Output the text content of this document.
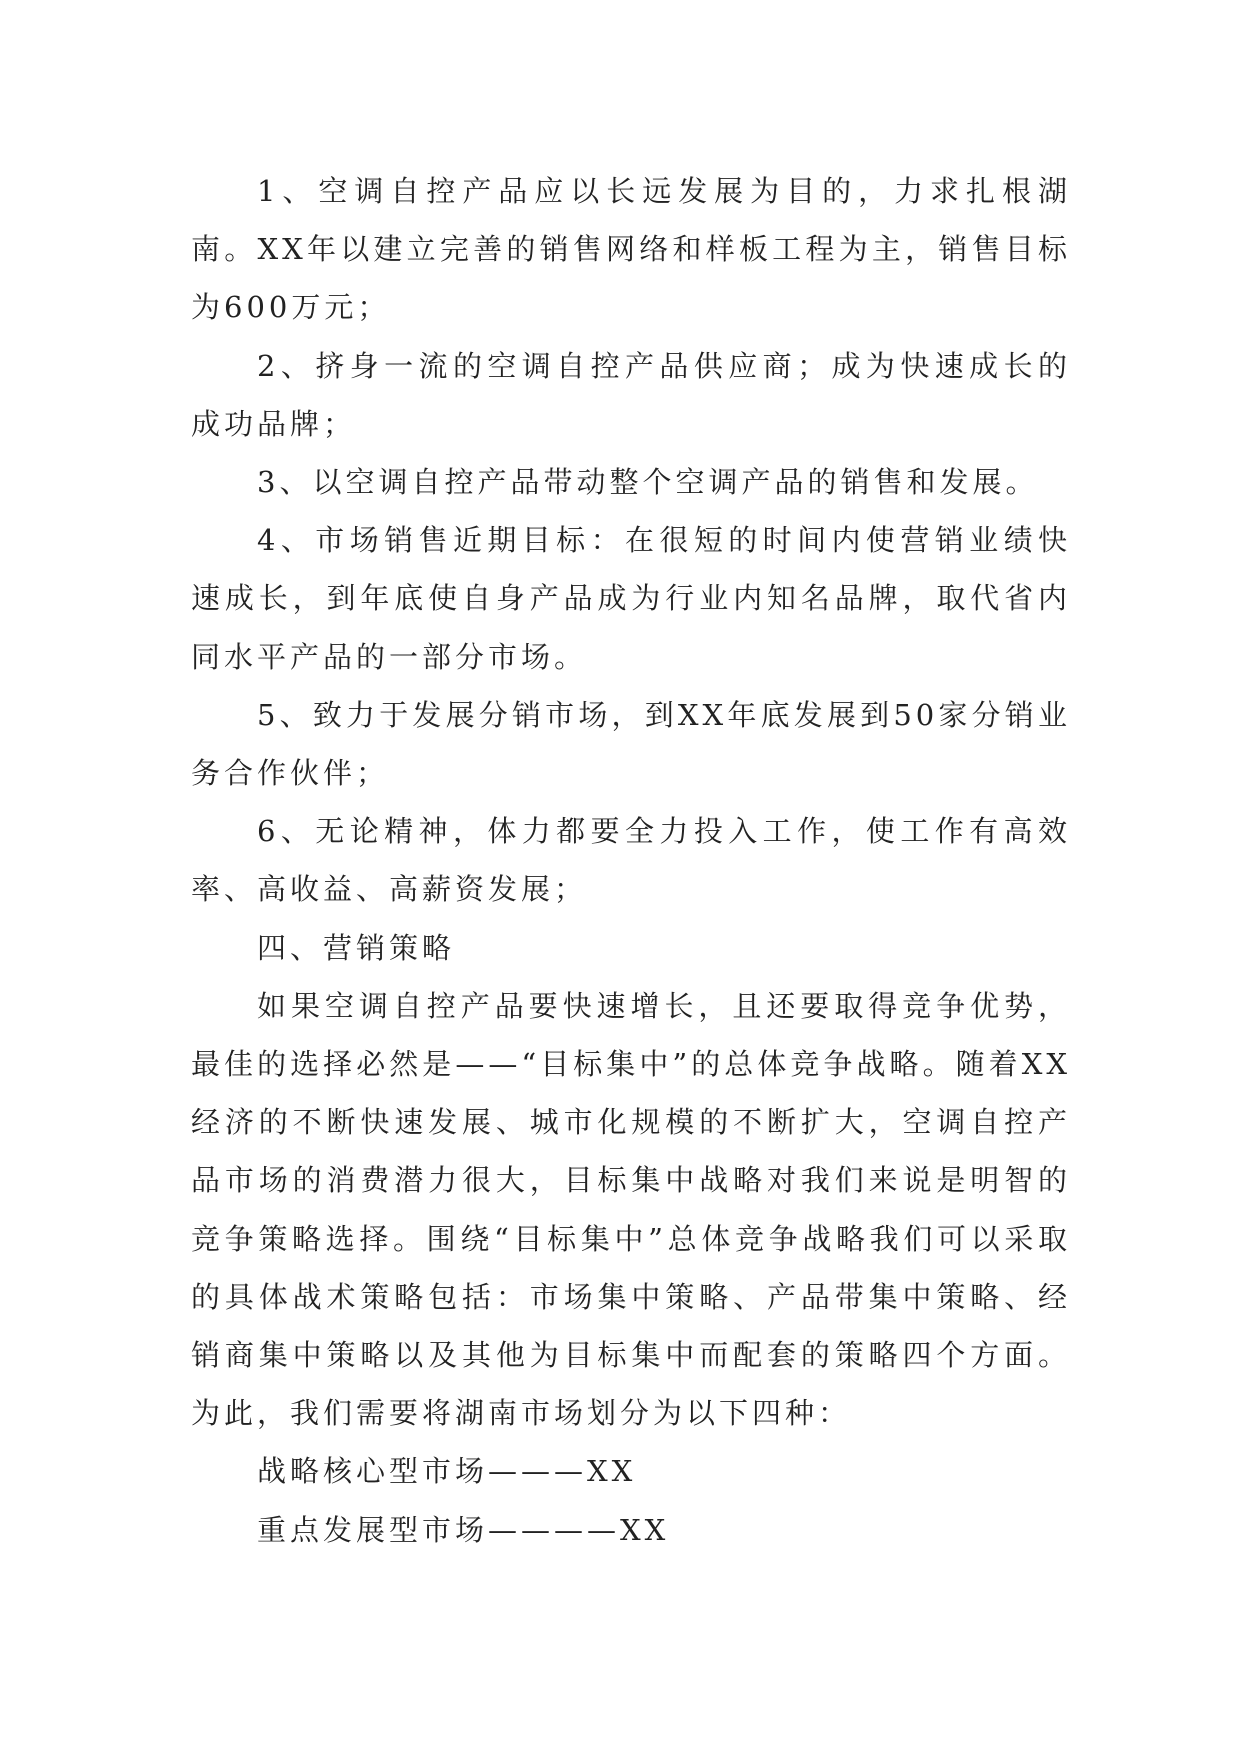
1、空调自控产品应以长远发展为目的，力求扎根湖南。XX年以建立完善的销售网络和样板工程为主，销售目标为600万元；

2、挤身一流的空调自控产品供应商；成为快速成长的成功品牌；

3、以空调自控产品带动整个空调产品的销售和发展。

4、市场销售近期目标：在很短的时间内使营销业绩快速成长，到年底使自身产品成为行业内知名品牌，取代省内同水平产品的一部分市场。

5、致力于发展分销市场，到XX年底发展到50家分销业务合作伙伴；

6、无论精神，体力都要全力投入工作，使工作有高效率、高收益、高薪资发展；

四、营销策略

如果空调自控产品要快速增长，且还要取得竞争优势，最佳的选择必然是——“目标集中”的总体竞争战略。随着XX经济的不断快速发展、城市化规模的不断扩大，空调自控产品市场的消费潜力很大，目标集中战略对我们来说是明智的竞争策略选择。围绕“目标集中”总体竞争战略我们可以采取的具体战术策略包括：市场集中策略、产品带集中策略、经销商集中策略以及其他为目标集中而配套的策略四个方面。为此，我们需要将湖南市场划分为以下四种：

战略核心型市场———XX

重点发展型市场————XX
